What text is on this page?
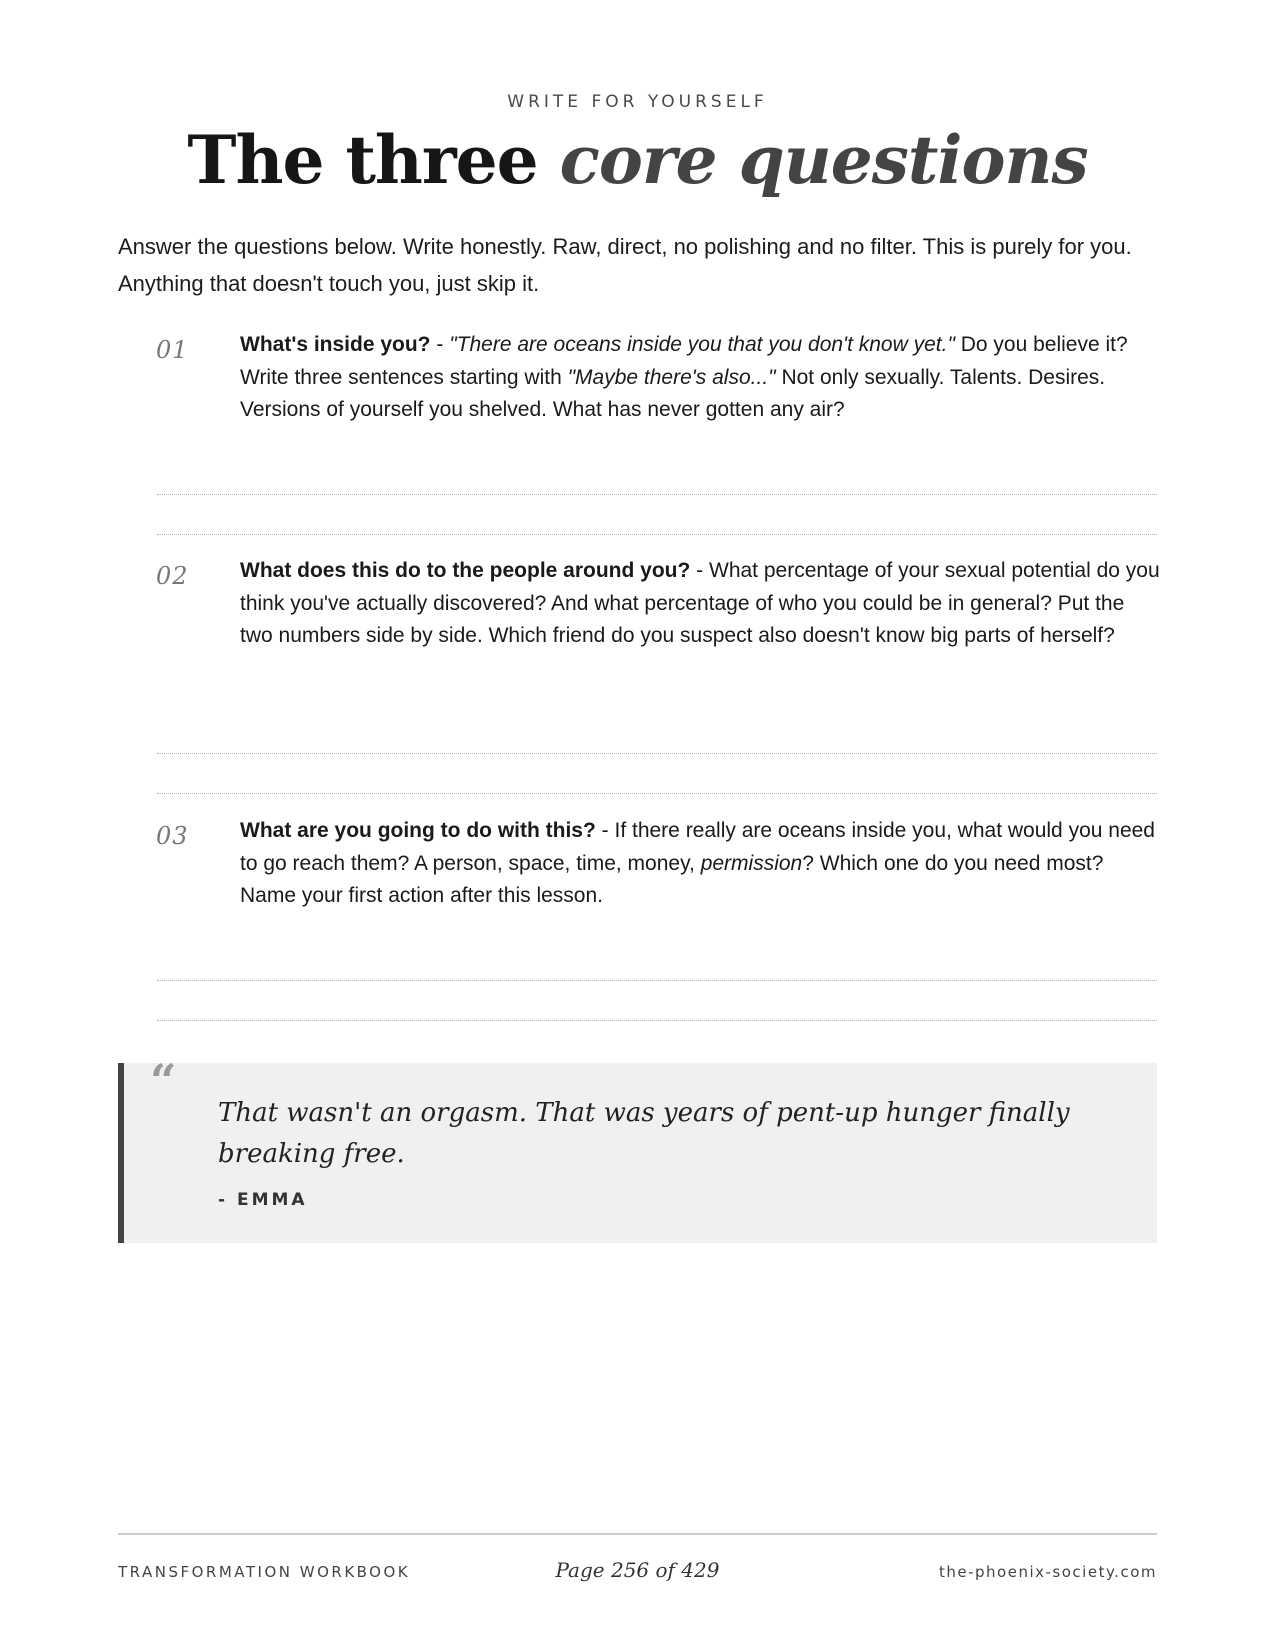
WRITE FOR YOURSELF
The three core questions

Answer the questions below. Write honestly. Raw, direct, no polishing and no filter. This is purely for you. Anything that doesn't touch you, just skip it.

01 What's inside you? - "There are oceans inside you that you don't know yet." Do you believe it? Write three sentences starting with "Maybe there's also..." Not only sexually. Talents. Desires. Versions of yourself you shelved. What has never gotten any air?

02 What does this do to the people around you? - What percentage of your sexual potential do you think you've actually discovered? And what percentage of who you could be in general? Put the two numbers side by side. Which friend do you suspect also doesn't know big parts of herself?

03 What are you going to do with this? - If there really are oceans inside you, what would you need to go reach them? A person, space, time, money, permission? Which one do you need most? Name your first action after this lesson.

“

That wasn't an orgasm. That was years of pent-up hunger finally breaking free.

- EMMA
TRANSFORMATION WORKBOOK	Page 256 of 429	the-phoenix-society.com
